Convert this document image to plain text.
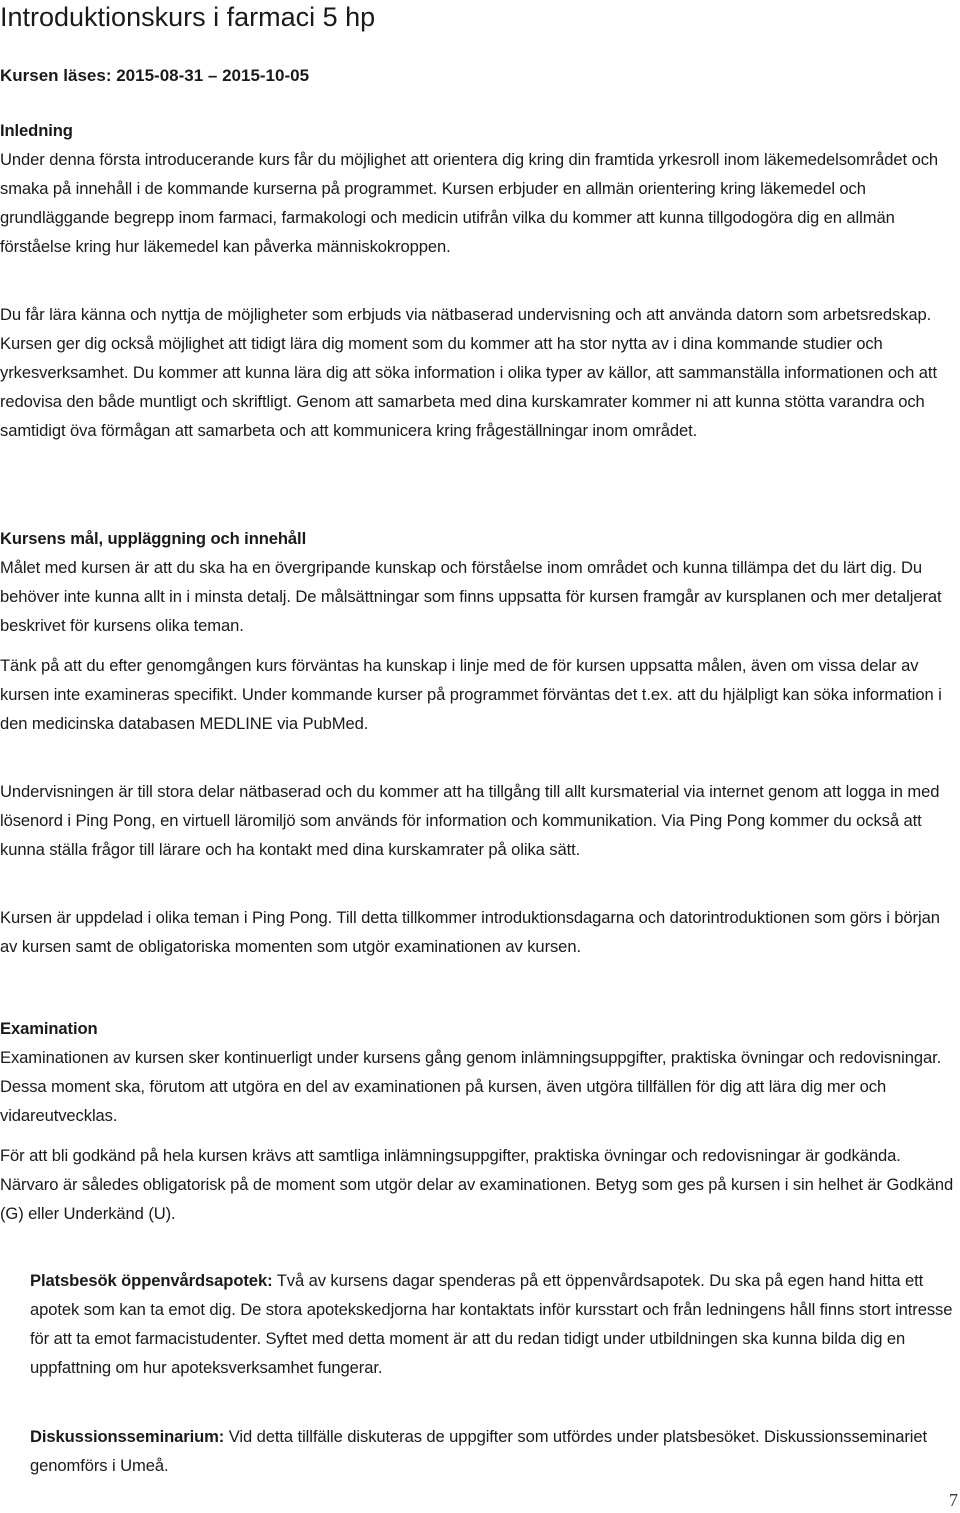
Introduktionskurs i farmaci 5 hp
Kursen läses: 2015-08-31 – 2015-10-05
Inledning

Under denna första introducerande kurs får du möjlighet att orientera dig kring din framtida yrkesroll inom läkemedelsområdet och smaka på innehåll i de kommande kurserna på programmet. Kursen erbjuder en allmän orientering kring läkemedel och grundläggande begrepp inom farmaci, farmakologi och medicin utifrån vilka du kommer att kunna tillgodogöra dig en allmän förståelse kring hur läkemedel kan påverka människokroppen.

Du får lära känna och nyttja de möjligheter som erbjuds via nätbaserad undervisning och att använda datorn som arbetsredskap. Kursen ger dig också möjlighet att tidigt lära dig moment som du kommer att ha stor nytta av i dina kommande studier och yrkesverksamhet. Du kommer att kunna lära dig att söka information i olika typer av källor, att sammanställa informationen och att redovisa den både muntligt och skriftligt. Genom att samarbeta med dina kurskamrater kommer ni att kunna stötta varandra och samtidigt öva förmågan att samarbeta och att kommunicera kring frågeställningar inom området.

Kursens mål, uppläggning och innehåll

Målet med kursen är att du ska ha en övergripande kunskap och förståelse inom området och kunna tillämpa det du lärt dig. Du behöver inte kunna allt in i minsta detalj. De målsättningar som finns uppsatta för kursen framgår av kursplanen och mer detaljerat beskrivet för kursens olika teman.

Tänk på att du efter genomgången kurs förväntas ha kunskap i linje med de för kursen uppsatta målen, även om vissa delar av kursen inte examineras specifikt. Under kommande kurser på programmet förväntas det t.ex. att du hjälpligt kan söka information i den medicinska databasen MEDLINE via PubMed.

Undervisningen är till stora delar nätbaserad och du kommer att ha tillgång till allt kursmaterial via internet genom att logga in med lösenord i Ping Pong, en virtuell läromiljö som används för information och kommunikation. Via Ping Pong kommer du också att kunna ställa frågor till lärare och ha kontakt med dina kurskamrater på olika sätt.

Kursen är uppdelad i olika teman i Ping Pong. Till detta tillkommer introduktionsdagarna och datorintroduktionen som görs i början av kursen samt de obligatoriska momenten som utgör examinationen av kursen.

Examination

Examinationen av kursen sker kontinuerligt under kursens gång genom inlämningsuppgifter, praktiska övningar och redovisningar. Dessa moment ska, förutom att utgöra en del av examinationen på kursen, även utgöra tillfällen för dig att lära dig mer och vidareutvecklas.

För att bli godkänd på hela kursen krävs att samtliga inlämningsuppgifter, praktiska övningar och redovisningar är godkända. Närvaro är således obligatorisk på de moment som utgör delar av examinationen. Betyg som ges på kursen i sin helhet är Godkänd (G) eller Underkänd (U).

Platsbesök öppenvårdsapotek: Två av kursens dagar spenderas på ett öppenvårdsapotek. Du ska på egen hand hitta ett apotek som kan ta emot dig. De stora apotekskedjorna har kontaktats inför kursstart och från ledningens håll finns stort intresse för att ta emot farmacistudenter. Syftet med detta moment är att du redan tidigt under utbildningen ska kunna bilda dig en uppfattning om hur apoteksverksamhet fungerar.
Diskussionsseminarium: Vid detta tillfälle diskuteras de uppgifter som utfördes under platsbesöket. Diskussionsseminariet genomförs i Umeå.
7
